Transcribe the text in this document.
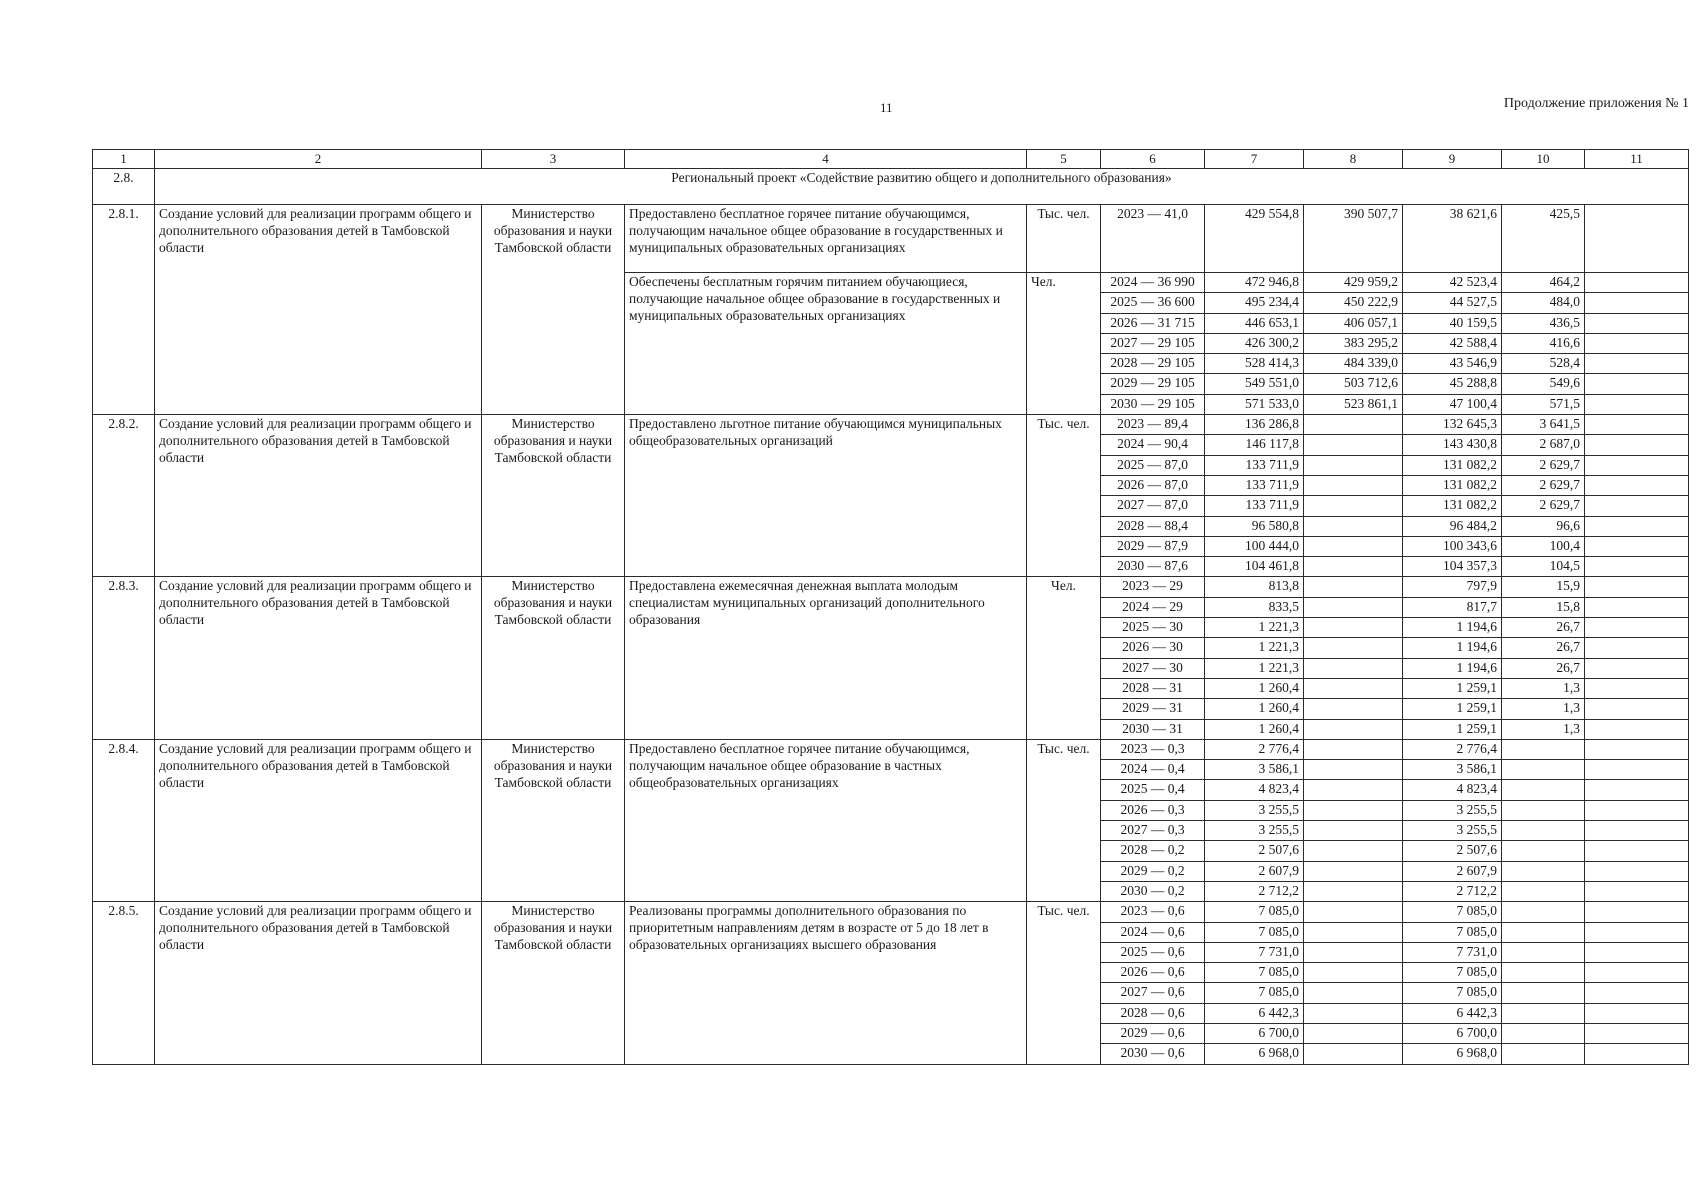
11	Продолжение приложения № 1
1	2	3	4	5	6	7	8	9	10	11
2.8.	Региональный проект «Содействие развитию общего и дополнительного образования»									
2.8.1.	Создание условий для реализации программ общего и дополнительного образования детей в Тамбовской области	Министерство образования и науки Тамбовской области	Предоставлено бесплатное горячее питание обучающимся, получающим начальное общее образование в государственных и муниципальных образовательных организациях	Тыс. чел.	2023 — 41,0	429 554,8	390 507,7	38 621,6	425,5	
			Обеспечены бесплатным горячим питанием обучающиеся, получающие начальное общее образование в государственных и муниципальных образовательных организациях	Чел.	2024 — 36 990	472 946,8	429 959,2	42 523,4	464,2	
					2025 — 36 600	495 234,4	450 222,9	44 527,5	484,0	
					2026 — 31 715	446 653,1	406 057,1	40 159,5	436,5	
					2027 — 29 105	426 300,2	383 295,2	42 588,4	416,6	
					2028 — 29 105	528 414,3	484 339,0	43 546,9	528,4	
					2029 — 29 105	549 551,0	503 712,6	45 288,8	549,6	
					2030 — 29 105	571 533,0	523 861,1	47 100,4	571,5	
2.8.2.	Создание условий для реализации программ общего и дополнительного образования детей в Тамбовской области	Министерство образования и науки Тамбовской области	Предоставлено льготное питание обучающимся муниципальных общеобразовательных организаций	Тыс. чел.	2023 — 89,4	136 286,8		132 645,3	3 641,5	
					2024 — 90,4	146 117,8		143 430,8	2 687,0	
					2025 — 87,0	133 711,9		131 082,2	2 629,7	
					2026 — 87,0	133 711,9		131 082,2	2 629,7	
					2027 — 87,0	133 711,9		131 082,2	2 629,7	
					2028 — 88,4	96 580,8		96 484,2	96,6	
					2029 — 87,9	100 444,0		100 343,6	100,4	
					2030 — 87,6	104 461,8		104 357,3	104,5	
2.8.3.	Создание условий для реализации программ общего и дополнительного образования детей в Тамбовской области	Министерство образования и науки Тамбовской области	Предоставлена ежемесячная денежная выплата молодым специалистам муниципальных организаций дополнительного образования	Чел.	2023 — 29	813,8		797,9	15,9	
					2024 — 29	833,5		817,7	15,8	
					2025 — 30	1 221,3		1 194,6	26,7	
					2026 — 30	1 221,3		1 194,6	26,7	
					2027 — 30	1 221,3		1 194,6	26,7	
					2028 — 31	1 260,4		1 259,1	1,3	
					2029 — 31	1 260,4		1 259,1	1,3	
					2030 — 31	1 260,4		1 259,1	1,3	
2.8.4.	Создание условий для реализации программ общего и дополнительного образования детей в Тамбовской области	Министерство образования и науки Тамбовской области	Предоставлено бесплатное горячее питание обучающимся, получающим начальное общее образование в частных общеобразовательных организациях	Тыс. чел.	2023 — 0,3	2 776,4		2 776,4		
					2024 — 0,4	3 586,1		3 586,1		
					2025 — 0,4	4 823,4		4 823,4		
					2026 — 0,3	3 255,5		3 255,5		
					2027 — 0,3	3 255,5		3 255,5		
					2028 — 0,2	2 507,6		2 507,6		
					2029 — 0,2	2 607,9		2 607,9		
					2030 — 0,2	2 712,2		2 712,2		
2.8.5.	Создание условий для реализации программ общего и дополнительного образования детей в Тамбовской области	Министерство образования и науки Тамбовской области	Реализованы программы дополнительного образования по приоритетным направлениям детям в возрасте от 5 до 18 лет в образовательных организациях высшего образования	Тыс. чел.	2023 — 0,6	7 085,0		7 085,0		
					2024 — 0,6	7 085,0		7 085,0		
					2025 — 0,6	7 731,0		7 731,0		
					2026 — 0,6	7 085,0		7 085,0		
					2027 — 0,6	7 085,0		7 085,0		
					2028 — 0,6	6 442,3		6 442,3		
					2029 — 0,6	6 700,0		6 700,0		
					2030 — 0,6	6 968,0		6 968,0		
